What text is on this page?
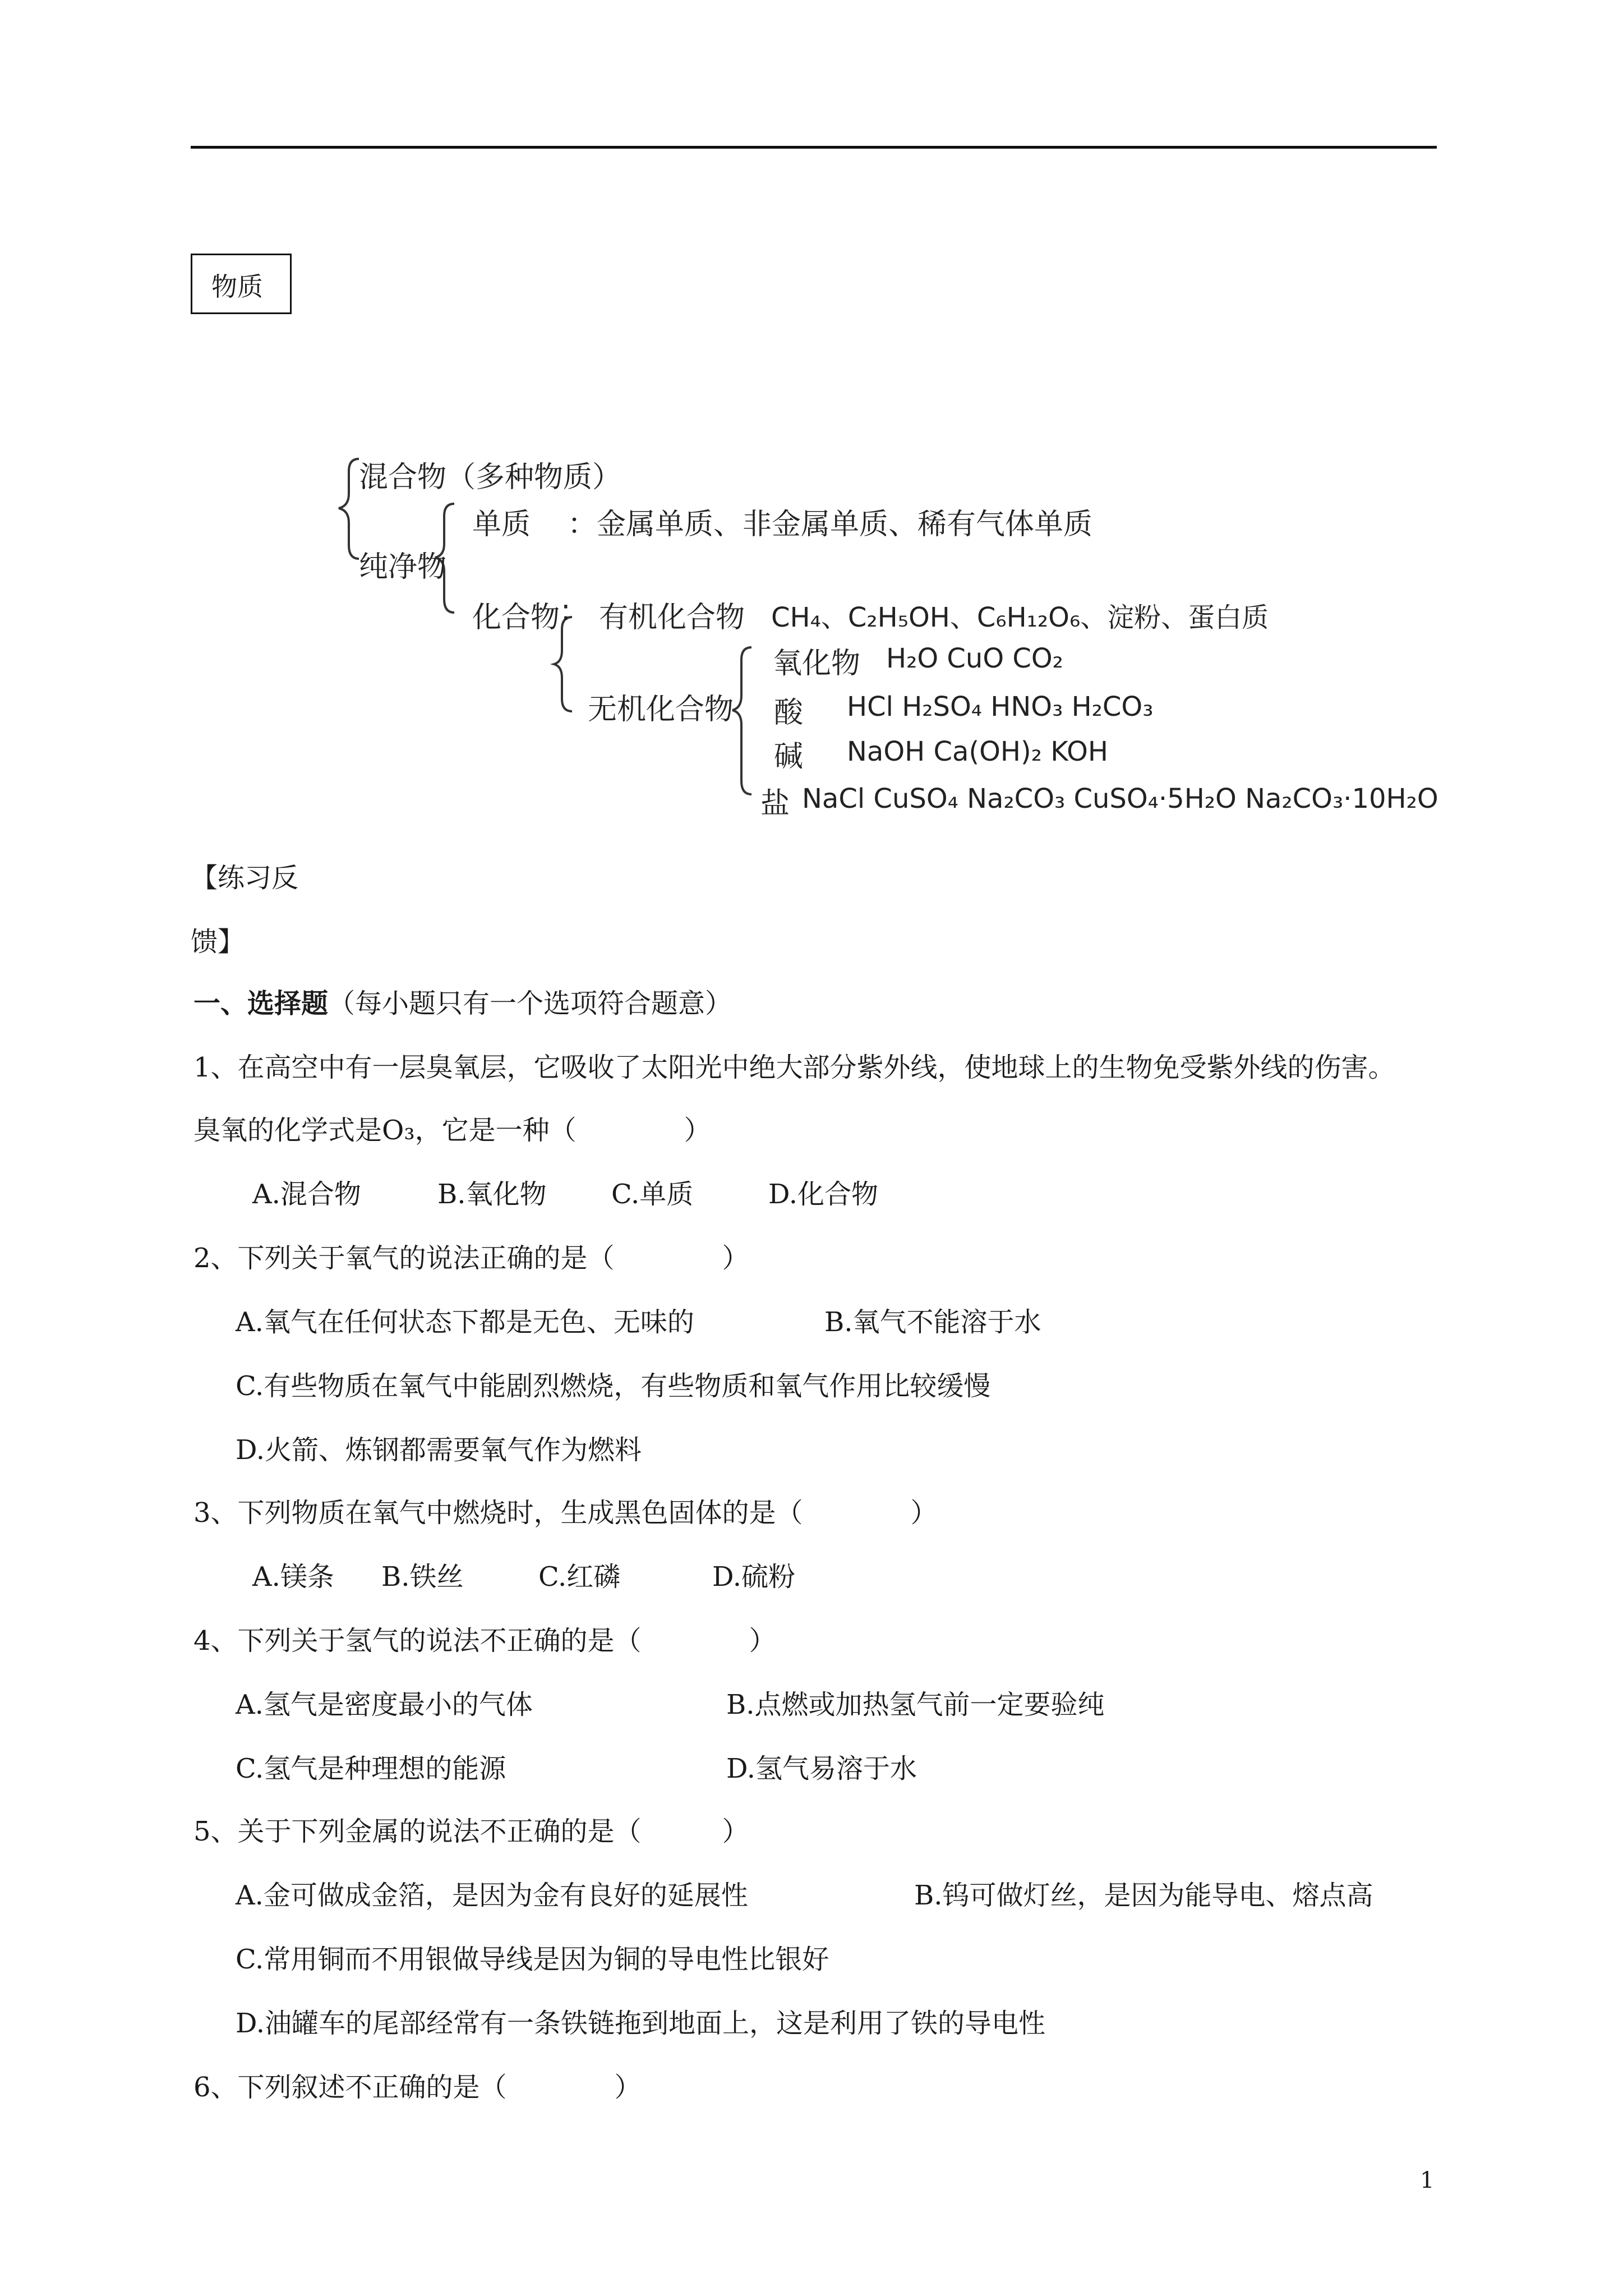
物质
混合物（多种物质）
纯净物
单质 ：金属单质、非金属单质、稀有气体单质
化合物 : 有机化合物 CH₄、C₂H₅OH、C₆H₁₂O₆、淀粉、蛋白质
无机化合物
氧化物 H₂O CuO CO₂
酸 HCl H₂SO₄ HNO₃ H₂CO₃
碱 NaOH Ca(OH)₂ KOH
盐 NaCl CuSO₄ Na₂CO₃ CuSO₄·5H₂O Na₂CO₃·10H₂O
【练习反
馈】
一、选择题（每小题只有一个选项符合题意）
1、在高空中有一层臭氧层，它吸收了太阳光中绝大部分紫外线，使地球上的生物免受紫外线的伤害。
臭氧的化学式是O₃，它是一种（　　　　）
A.混合物	B.氧化物 C.单质	D.化合物
2、下列关于氧气的说法正确的是（　　　　）
A.氧气在任何状态下都是无色、无味的	B.氧气不能溶于水
C.有些物质在氧气中能剧烈燃烧，有些物质和氧气作用比较缓慢
D.火箭、炼钢都需要氧气作为燃料
3、下列物质在氧气中燃烧时，生成黑色固体的是（　　　　）
A.镁条 B.铁丝	C.红磷	D.硫粉
4、下列关于氢气的说法不正确的是（　　　　）
A.氢气是密度最小的气体	B.点燃或加热氢气前一定要验纯
C.氢气是种理想的能源	D.氢气易溶于水
5、关于下列金属的说法不正确的是（　　　）
A.金可做成金箔，是因为金有良好的延展性	B.钨可做灯丝，是因为能导电、熔点高
C.常用铜而不用银做导线是因为铜的导电性比银好
D.油罐车的尾部经常有一条铁链拖到地面上，这是利用了铁的导电性
6、下列叙述不正确的是（　　　　）
1
